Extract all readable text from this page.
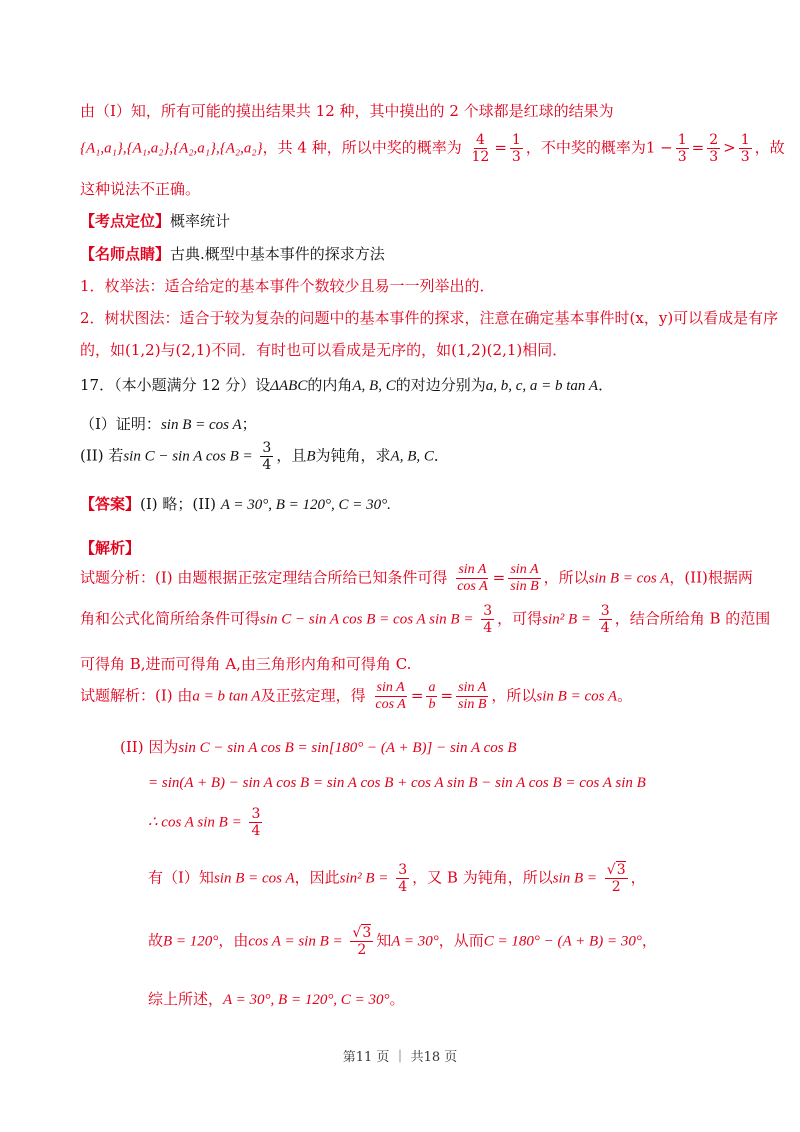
由（I）知，所有可能的摸出结果共 12 种，其中摸出的 2 个球都是红球的结果为
{A₁,a₁},{A₁,a₂},{A₂,a₁},{A₂,a₂}，共 4 种，所以中奖的概率为 $\frac{4}{12} = \frac{1}{3}$ ，不中奖的概率为$1 - \frac{1}{3} = \frac{2}{3} > \frac{1}{3}$ ，故
这种说法不正确。
【考点定位】概率统计
【名师点睛】古典.概型中基本事件的探求方法
1．枚举法：适合给定的基本事件个数较少且易一一列举出的．
2．树状图法：适合于较为复杂的问题中的基本事件的探求，注意在确定基本事件时(x，y)可以看成是有序
的，如(1,2)与(2,1)不同．有时也可以看成是无序的，如(1,2)(2,1)相同．
17．（本小题满分 12 分）设ΔABC的内角A, B, C的对边分别为a, b, c, a = b tan A．
（I）证明：sin B = cos A；
(II) 若sin C − sin A $\cos B = \frac{3}{4}$ ，且B为钝角，求A, B, C．
【答案】(I) 略；(II) A = 30°, B = 120°, C = 30°.
【解析】
试题分析：(I) 由题根据正弦定理结合所给已知条件可得 $\frac{\text{sin A}}{\text{cos A}} = \frac{\text{sin A}}{\text{sin B}}$ ，所以sin B = cos A，(II)根据两
角和公式化简所给条件可得sin C − sin A cos B = cos A $\sin B = \frac{3}{4}$ ，可得sin² $B = \frac{3}{4}$ ，结合所给角 B 的范围
可得角 B,进而可得角 A,由三角形内角和可得角 C.
试题解析：(I) 由a = b tan A及正弦定理，得 $\frac{\text{sin A}}{\text{cos A}} = \frac{a}{b} = \frac{\text{sin A}}{\text{sin B}}$ ，所以sin B = cos A。
(II) 因为sin C − sin A cos B = sin[180° − (A + B)] − sin A cos B
= sin(A + B) − sin A cos B = sin A cos B + cos A sin B − sin A cos B = cos A sin B
∴ cos A $\sin B = \frac{3}{4}$
有（I）知sin B = cos A，因此sin² $B = \frac{3}{4}$ ，又 B 为钝角，所以$\sin B = \frac{√3}{2}$ ，
故B = 120°，由$\cos A = \sin B = \frac{√3}{2}$ 知A = 30°，从而C = 180° − (A + B) = 30°，
综上所述，A = 30°, B = 120°, C = 30°。
第11 页 ｜ 共18 页
